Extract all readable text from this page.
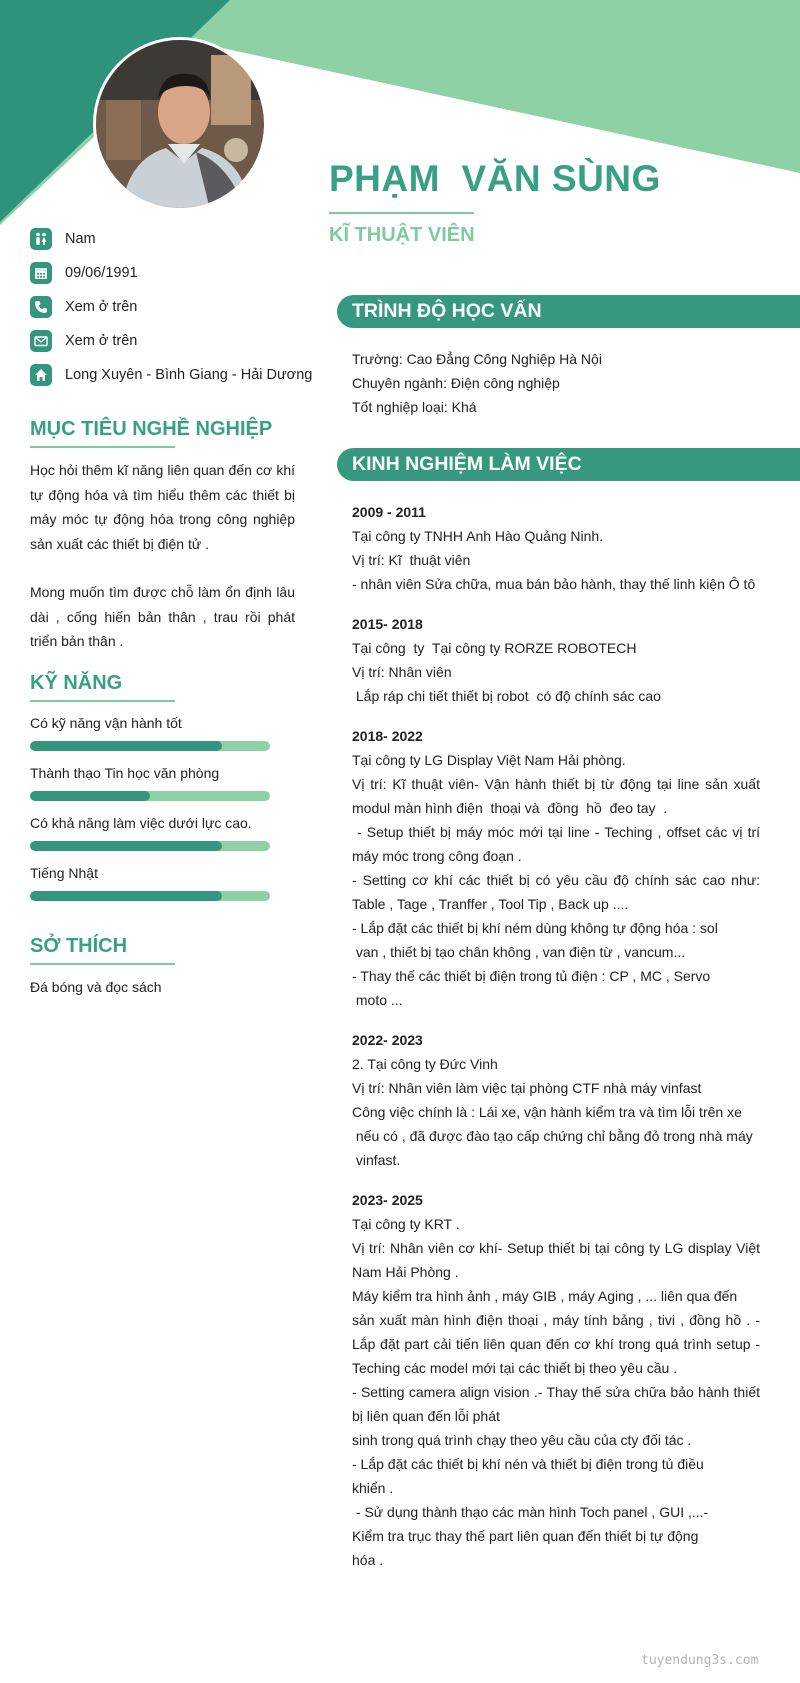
PHẠM  VĂN SÙNG
KĨ THUẬT VIÊN
Nam
09/06/1991
Xem ở trên
Xem ở trên
Long Xuyên - Bình Giang - Hải Dương
MỤC TIÊU NGHỀ NGHIỆP

Học hỏi thêm kĩ năng liên quan đến cơ khí tự động hóa và tìm hiểu thêm các thiết bị máy móc tự động hóa trong công nghiệp sản xuất các thiết bị điện tử .

Mong muốn tìm được chỗ làm ổn định lâu dài , cống hiến bản thân , trau rồi phát triển bản thân .

KỸ NĂNG
Có kỹ năng vận hành tốt
Thành thạo Tin học văn phòng
Có khả năng làm việc dưới lực cao.
Tiếng Nhật
SỞ THÍCH

Đá bóng và đọc sách

TRÌNH ĐỘ HỌC VẤN
Trường: Cao Đẳng Công Nghiệp Hà Nội
Chuyên ngành: Điện công nghiệp
Tốt nghiệp loại: Khá
KINH NGHIỆM LÀM VIỆC
2009 - 2011
Tại công ty TNHH Anh Hào Quảng Ninh.
Vị trí: Kĩ  thuật viên
- nhân viên Sửa chữa, mua bán bảo hành, thay thế linh kiện Ô tô
2015- 2018
Tại công  ty  Tại công ty RORZE ROBOTECH
Vị trí: Nhân viên
Lắp ráp chi tiết thiết bị robot  có độ chính sác cao
2018- 2022
Tại công ty LG Display Việt Nam Hải phòng.
Vị trí: Kĩ thuật viên- Vận hành thiết bị từ động tại line sản xuất modul màn hình điện  thoại và  đồng  hồ  đeo tay  .
- Setup thiết bị máy móc mới tại line - Teching , offset các vị trí máy móc trong công đoạn .
- Setting cơ khí các thiết bị có yêu cầu độ chính sác cao như: Table , Tage , Tranffer , Tool Tip , Back up ....
- Lắp đặt các thiết bị khí ném dùng không tự động hóa : sol
van , thiết bị tạo chân không , van điện từ , vancum...
- Thay thế các thiết bị điện trong tủ điện : CP , MC , Servo
moto ...
2022- 2023
2. Tại công ty Đức Vinh
Vị trí: Nhân viên làm việc tại phòng CTF nhà máy vinfast
Công việc chính là : Lái xe, vận hành kiểm tra và tìm lỗi trên xe
nếu có , đã được đào tạo cấp chứng chỉ bằng đỏ trong nhà máy
vinfast.
2023- 2025
Tại công ty KRT .
Vị trí: Nhân viên cơ khí- Setup thiết bị tại công ty LG display Việt Nam Hải Phòng .
Máy kiểm tra hình ảnh , máy GIB , máy Aging , ... liên qua đến
sản xuất màn hình điện thoại , máy tính bảng , tivi , đồng hồ . - Lắp đặt part cải tiến liên quan đến cơ khí trong quá trình setup - Teching các model mới tại các thiết bị theo yêu cầu .
- Setting camera align vision .- Thay thế sửa chữa bảo hành thiết bị liên quan đến lỗi phát
sinh trong quá trình chạy theo yêu cầu của cty đối tác .
- Lắp đặt các thiết bị khí nén và thiết bị điện trong tủ điều
khiển .
- Sử dụng thành thạo các màn hình Toch panel , GUI ,...-
Kiểm tra trục thay thế part liên quan đến thiết bị tự động
hóa .
tuyendung3s.com
